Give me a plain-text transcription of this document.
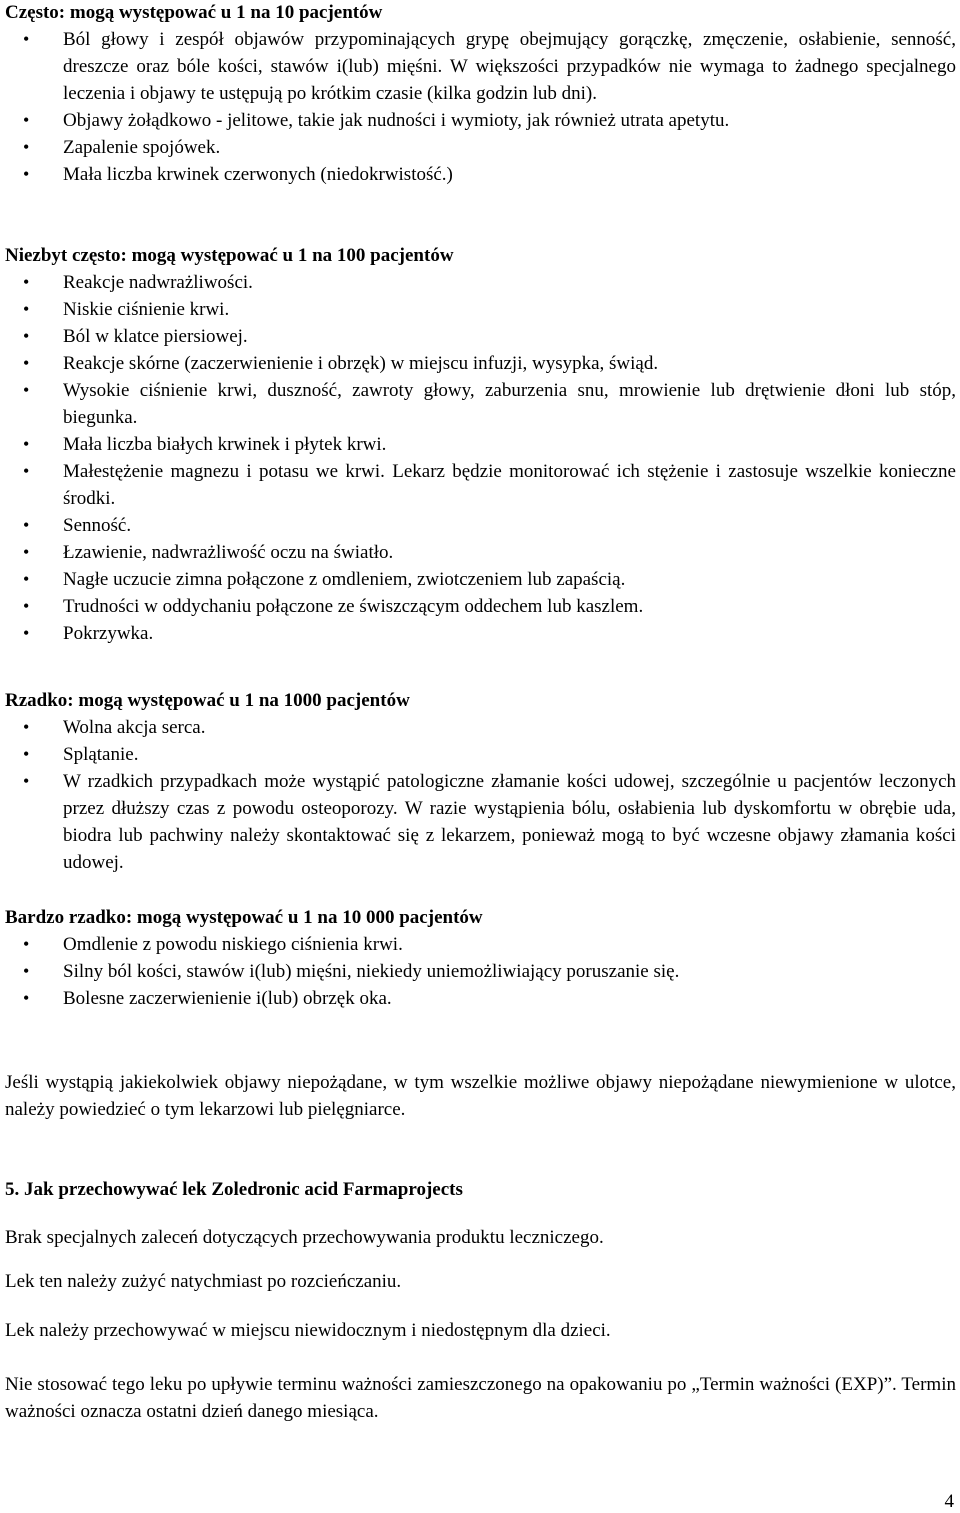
Często: mogą występować u 1 na 10 pacjentów
• Ból głowy i zespół objawów przypominających grypę obejmujący gorączkę, zmęczenie, osłabienie, senność, dreszcze oraz bóle kości, stawów i(lub) mięśni. W większości przypadków nie wymaga to żadnego specjalnego leczenia i objawy te ustępują po krótkim czasie (kilka godzin lub dni).
• Objawy żołądkowo - jelitowe, takie jak nudności i wymioty, jak również utrata apetytu.
• Zapalenie spojówek.
• Mała liczba krwinek czerwonych (niedokrwistość.)
Niezbyt często: mogą występować u 1 na 100 pacjentów
• Reakcje nadwrażliwości.
• Niskie ciśnienie krwi.
• Ból w klatce piersiowej.
• Reakcje skórne (zaczerwienienie i obrzęk) w miejscu infuzji, wysypka, świąd.
• Wysokie ciśnienie krwi, duszność, zawroty głowy, zaburzenia snu, mrowienie lub drętwienie dłoni lub stóp, biegunka.
• Mała liczba białych krwinek i płytek krwi.
• Małestężenie magnezu i potasu we krwi. Lekarz będzie monitorować ich stężenie i zastosuje wszelkie konieczne środki.
• Senność.
• Łzawienie, nadwrażliwość oczu na światło.
• Nagłe uczucie zimna połączone z omdleniem, zwiotczeniem lub zapaścią.
• Trudności w oddychaniu połączone ze świszczącym oddechem lub kaszlem.
• Pokrzywka.
Rzadko: mogą występować u 1 na 1000 pacjentów
• Wolna akcja serca.
• Splątanie.
• W rzadkich przypadkach może wystąpić patologiczne złamanie kości udowej, szczególnie u pacjentów leczonych przez dłuższy czas z powodu osteoporozy. W razie wystąpienia bólu, osłabienia lub dyskomfortu w obrębie uda, biodra lub pachwiny należy skontaktować się z lekarzem, ponieważ mogą to być wczesne objawy złamania kości udowej.
Bardzo rzadko: mogą występować u 1 na 10 000 pacjentów
• Omdlenie z powodu niskiego ciśnienia krwi.
• Silny ból kości, stawów i(lub) mięśni, niekiedy uniemożliwiający poruszanie się.
• Bolesne zaczerwienienie i(lub) obrzęk oka.

Jeśli wystąpią jakiekolwiek objawy niepożądane, w tym wszelkie możliwe objawy niepożądane niewymienione w ulotce, należy powiedzieć o tym lekarzowi lub pielęgniarce.

5. Jak przechowywać lek Zoledronic acid Farmaprojects

Brak specjalnych zaleceń dotyczących przechowywania produktu leczniczego.

Lek ten należy zużyć natychmiast po rozcieńczaniu.

Lek należy przechowywać w miejscu niewidocznym i niedostępnym dla dzieci.

Nie stosować tego leku po upływie terminu ważności zamieszczonego na opakowaniu po „Termin ważności (EXP)”. Termin ważności oznacza ostatni dzień danego miesiąca.

4
